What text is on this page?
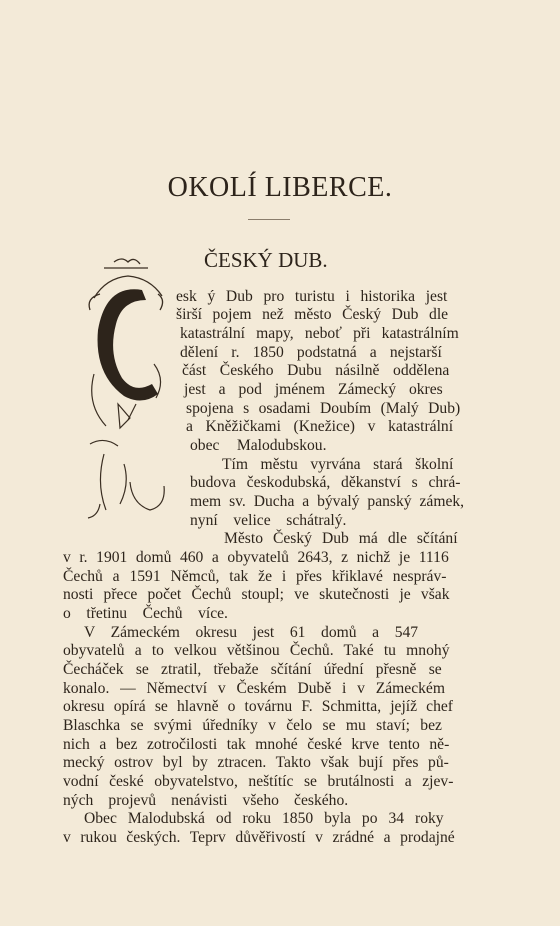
OKOLÍ LIBERCE.
ČESKÝ DUB.
esk ý Dub pro turistu i historika jest
širší pojem než město Český Dub dle
katastrální mapy, neboť při katastrálním
dělení r. 1850 podstatná a nejstarší
část Českého Dubu násilně oddělena
jest a pod jménem Zámecký okres
spojena s osadami Doubím (Malý Dub)
a Kněžičkami (Knežice) v katastrální
obec Malodubskou.
Tím městu vyrvána stará školní
budova českodubská, děkanství s chrá-
mem sv. Ducha a bývalý panský zámek,
nyní velice schátralý.
Město Český Dub má dle sčítání
v r. 1901 domů 460 a obyvatelů 2643, z nichž je 1116
Čechů a 1591 Němců, tak že i přes křiklavé nespráv-
nosti přece počet Čechů stoupl; ve skutečnosti je však
o třetinu Čechů více.
V Zámeckém okresu jest 61 domů a 547
obyvatelů a to velkou většinou Čechů. Také tu mnohý
Čecháček se ztratil, třebaže sčítání úřední přesně se
konalo. — Němectví v Českém Dubě i v Zámeckém
okresu opírá se hlavně o továrnu F. Schmitta, jejíž chef
Blaschka se svými úředníky v čelo se mu staví; bez
nich a bez zotročilosti tak mnohé české krve tento ně-
mecký ostrov byl by ztracen. Takto však bují přes pů-
vodní české obyvatelstvo, neštítíc se brutálnosti a zjev-
ných projevů nenávisti všeho českého.
Obec Malodubská od roku 1850 byla po 34 roky
v rukou českých. Teprv důvěřivostí v zrádné a prodajné
